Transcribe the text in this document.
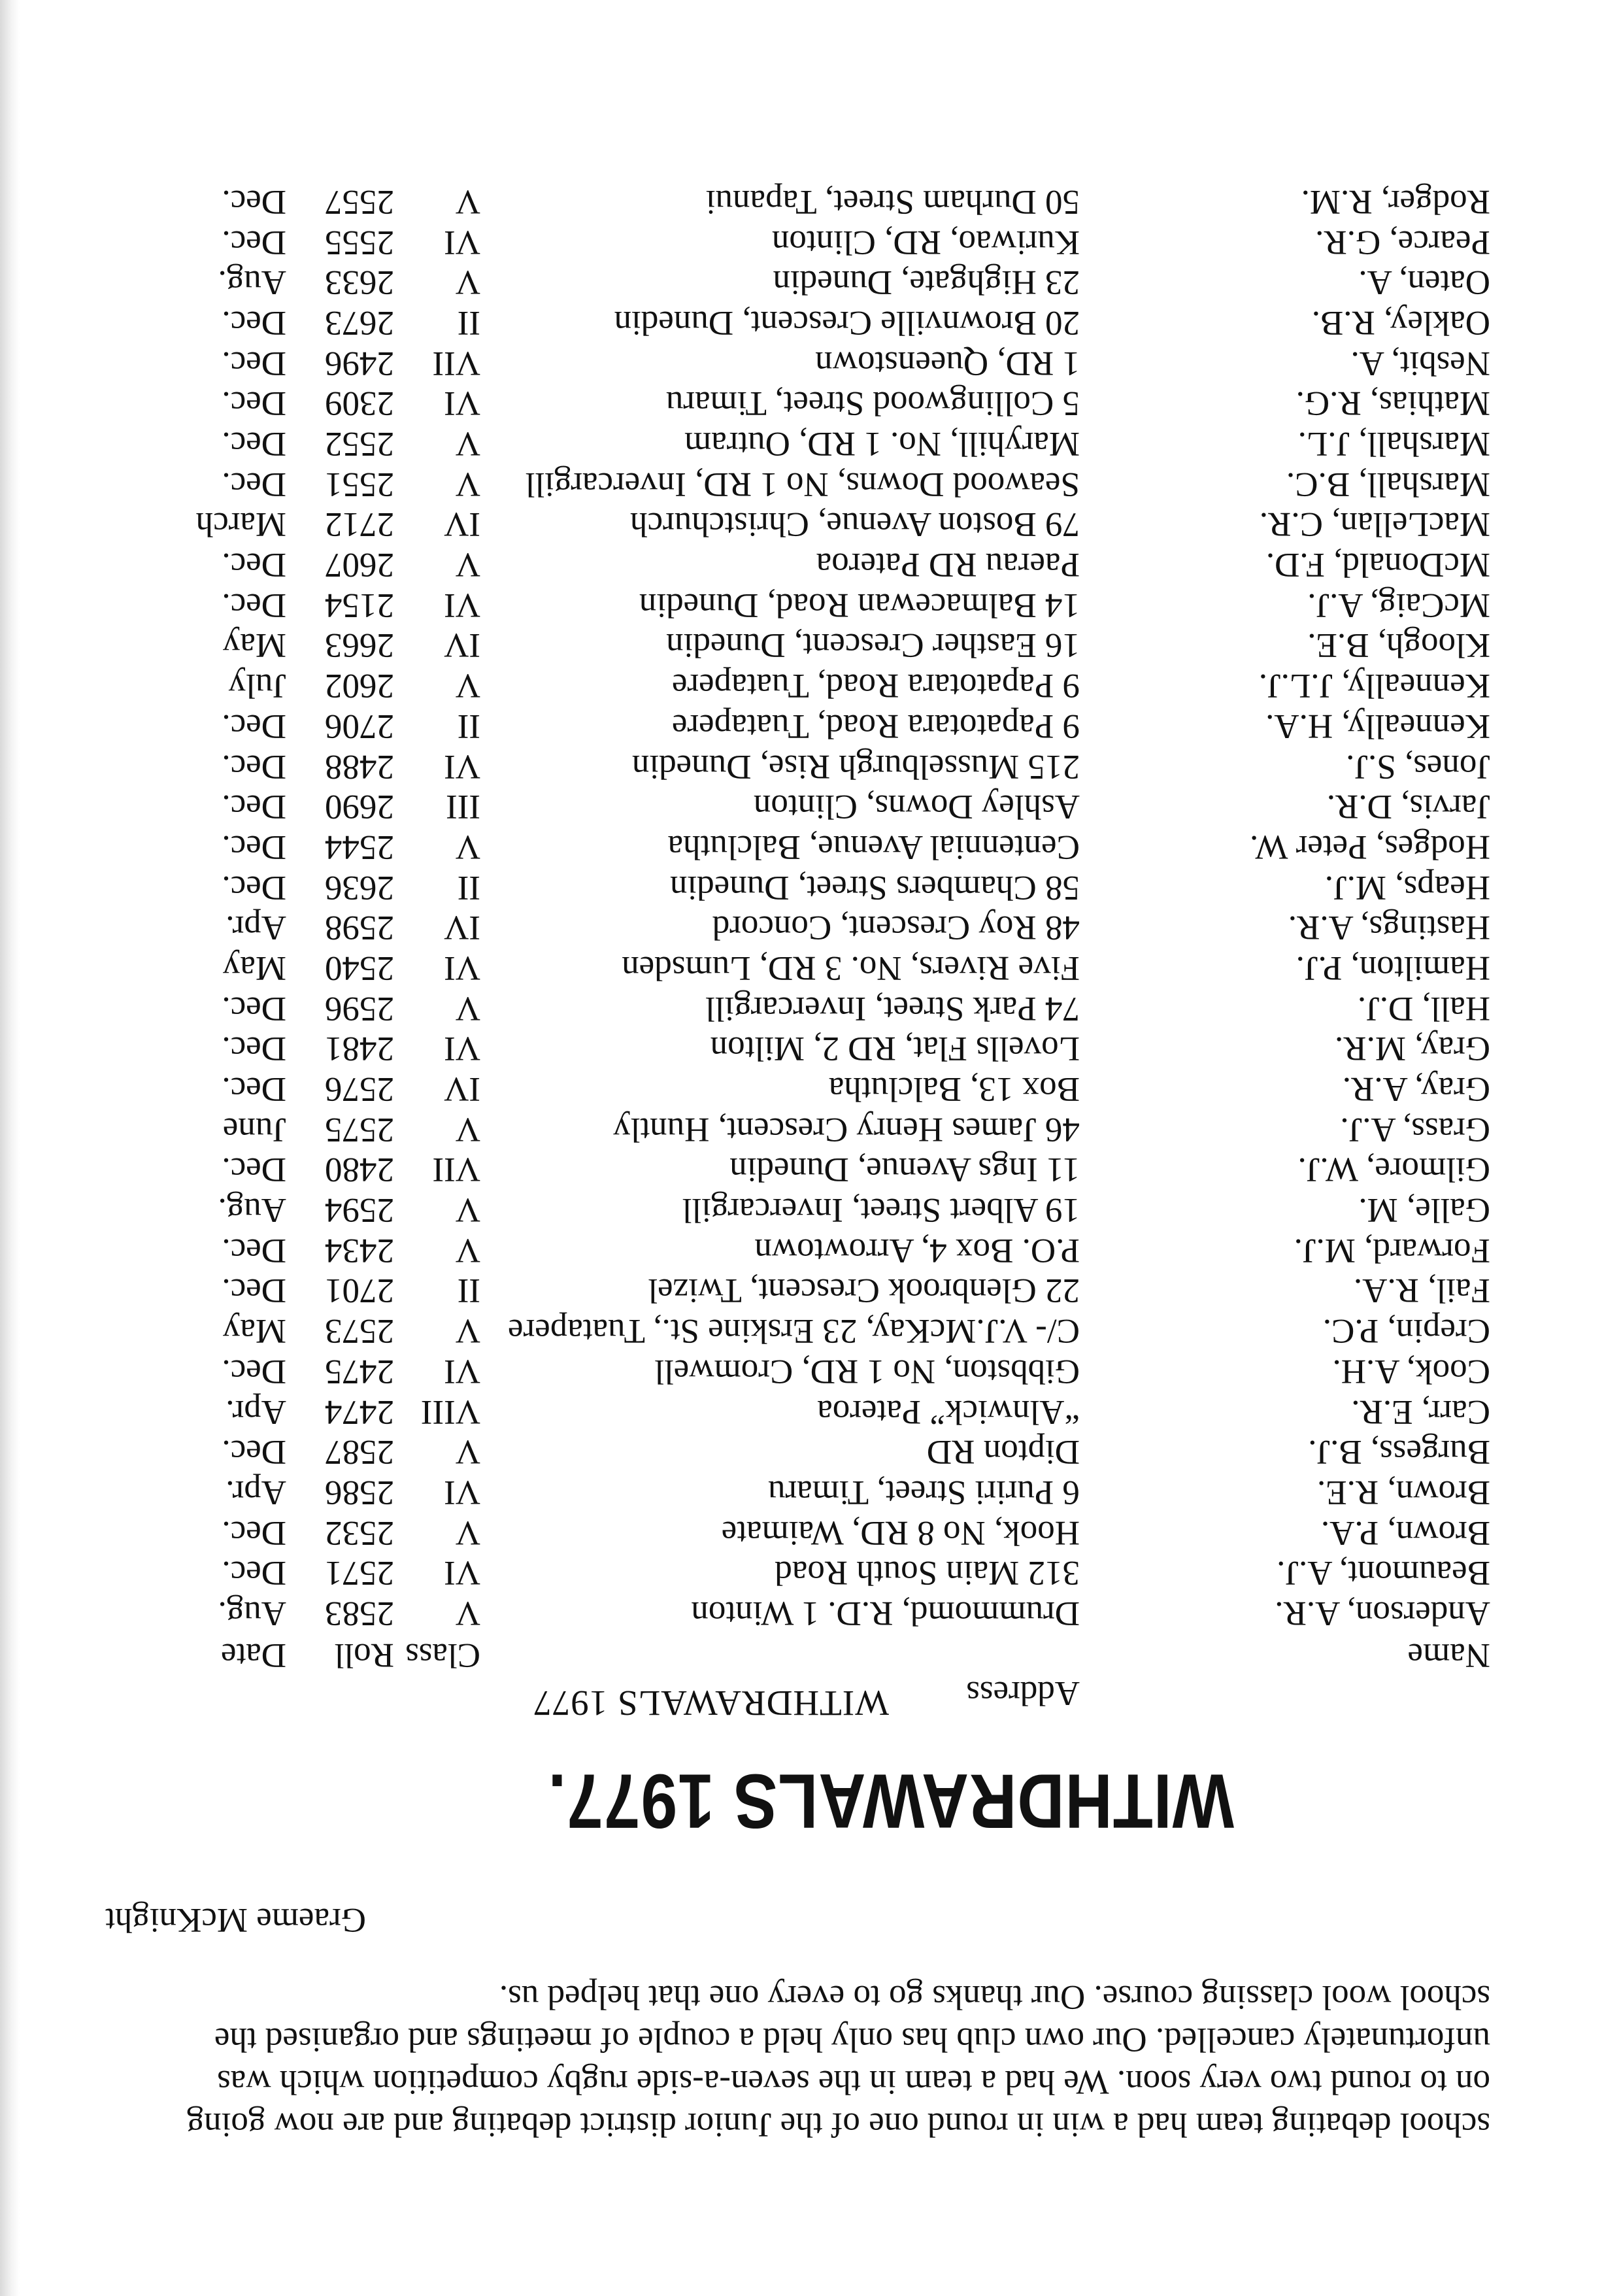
school debating team had a win in round one of the Junior district debating and are now going on to round two very soon. We had a team in the seven-a-side rugby competition which was unfortunately cancelled. Our own club has only held a couple of meetings and organised the school wool classing course. Our thanks go to every one that helped us.

Graeme McKnight
WITHDRAWALS 1977.
WITHDRAWALS 1977
Name
Address
Class
Roll
Date
Anderson, A.R.
Drummomd, R.D. 1 Winton
V
2583
Aug.
Beaumont, A.J.
312 Main South Road
VI
2571
Dec.
Brown, P.A.
Hook, No 8 RD, Waimate
V
2532
Dec.
Brown, R.E.
6 Puriri Street, Timaru
VI
2586
Apr.
Burgess, B.J.
Dipton RD
V
2587
Dec.
Carr, E.R.
“Alnwick” Pateroa
VIII
2474
Apr.
Cook, A.H.
Gibbston, No 1 RD, Cromwell
VI
2475
Dec.
Crepin, P.C.
C/- V.J.McKay, 23 Erskine St., Tuatapere
V
2573
May
Fail, R.A.
22 Glenbrook Crescent, Twizel
II
2701
Dec.
Forward, M.J.
P.O. Box 4, Arrowtown
V
2434
Dec.
Galle, M.
19 Albert Street, Invercargill
V
2594
Aug.
Gilmore, W.J.
11 Ings Avenue, Dunedin
VII
2480
Dec.
Grass, A.J.
46 James Henry Crescent, Huntly
V
2575
June
Gray, A.R.
Box 13, Balclutha
IV
2576
Dec.
Gray, M.R.
Lovells Flat, RD 2, Milton
VI
2481
Dec.
Hall, D.J.
74 Park Street, Invercargill
V
2596
Dec.
Hamilton, P.J.
Five Rivers, No. 3 RD, Lumsden
VI
2540
May
Hastings, A.R.
48 Roy Crescent, Concord
IV
2598
Apr.
Heaps, M.J.
58 Chambers Street, Dunedin
II
2636
Dec.
Hodges, Peter W.
Centennial Avenue, Balclutha
V
2544
Dec.
Jarvis, D.R.
Ashley Downs, Clinton
III
2690
Dec.
Jones, S.J.
215 Musselburgh Rise, Dunedin
VI
2488
Dec.
Kenneally, H.A.
9 Papatotara Road, Tuatapere
II
2706
Dec.
Kenneally, J.L.J.
9 Papatotara Road, Tuatapere
V
2602
July
Kloogh, B.E.
16 Easther Crescent, Dunedin
IV
2663
May
McCaig, A.J.
14 Balmacewan Road, Dunedin
VI
2154
Dec.
McDonald, F.D.
Paerau RD Pateroa
V
2607
Dec.
MacLellan, C.R.
79 Boston Avenue, Christchurch
IV
2712
March
Marshall, B.C.
Seawood Downs, No 1 RD, Invercargill
V
2551
Dec.
Marshall, J.L.
Maryhill, No. 1 RD, Outram
V
2552
Dec.
Mathias, R.G.
5 Collingwood Street, Timaru
VI
2309
Dec.
Nesbit, A.
1 RD, Queenstown
VII
2496
Dec.
Oakley, R.B.
20 Brownville Crescent, Dunedin
II
2673
Dec.
Oaten, A.
23 Highgate, Dunedin
V
2633
Aug.
Pearce, G.R.
Kuriwao, RD, Clinton
VI
2555
Dec.
Rodger, R.M.
50 Durham Street, Tapanui
V
2557
Dec.
